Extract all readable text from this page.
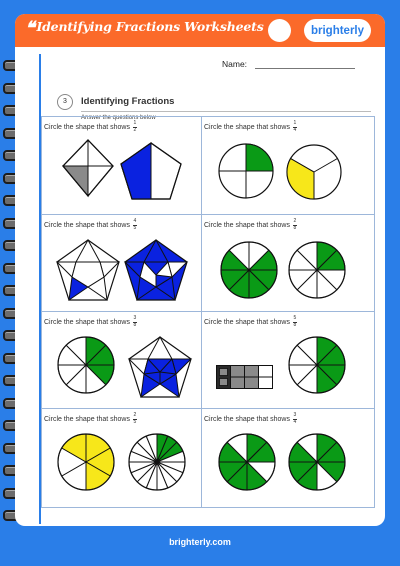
❝ Identifying Fractions Worksheets	brighterly
Name:
3	Identifying Fractions
Answer the questions below
Circle the shape that shows $\frac{1}{2}$	Circle the shape that shows $\frac{1}{4}$
Circle the shape that shows $\frac{4}{5}$	Circle the shape that shows $\frac{2}{8}$
Circle the shape that shows $\frac{3}{8}$	Circle the shape that shows $\frac{5}{8}$
Circle the shape that shows $\frac{2}{5}$	Circle the shape that shows $\frac{3}{4}$
brighterly.com
